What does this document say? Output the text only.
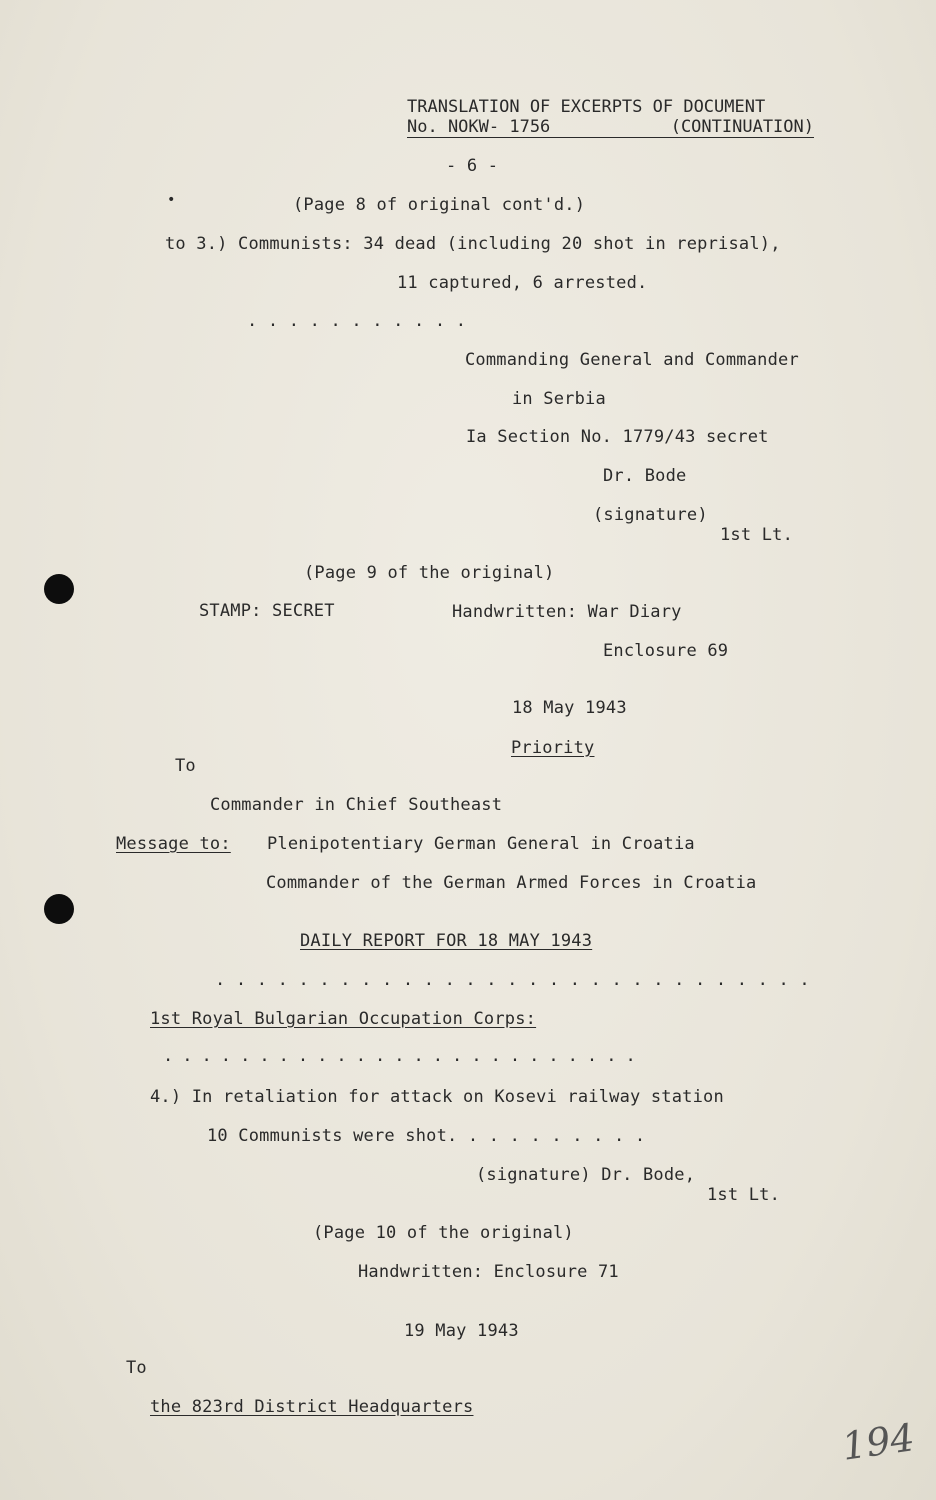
TRANSLATION OF EXCERPTS OF DOCUMENT
No. NOKW- 1756	(CONTINUATION)
- 6 -
•	(Page 8 of original cont'd.)
to 3.) Communists: 34 dead (including 20 shot in reprisal),
11 captured, 6 arrested.
. . . . . . . . . . .
Commanding General and Commander
in Serbia
Ia Section No. 1779/43 secret
Dr. Bode
(signature)
1st Lt.
(Page 9 of the original)
STAMP: SECRET	Handwritten: War Diary
Enclosure 69
18 May 1943
Priority
To
Commander in Chief Southeast
Message to: Plenipotentiary German General in Croatia
Commander of the German Armed Forces in Croatia
DAILY REPORT FOR 18 MAY 1943
. . . . . . . . . . . . . . . . . . . . . . . . . . . . .
1st Royal Bulgarian Occupation Corps:
. . . . . . . . . . . . . . . . . . . . . . . . .
4.) In retaliation for attack on Kosevi railway station
10 Communists were shot. . . . . . . . . .
(signature) Dr. Bode,
1st Lt.
(Page 10 of the original)
Handwritten: Enclosure 71
19 May 1943
To
the 823rd District Headquarters
194
